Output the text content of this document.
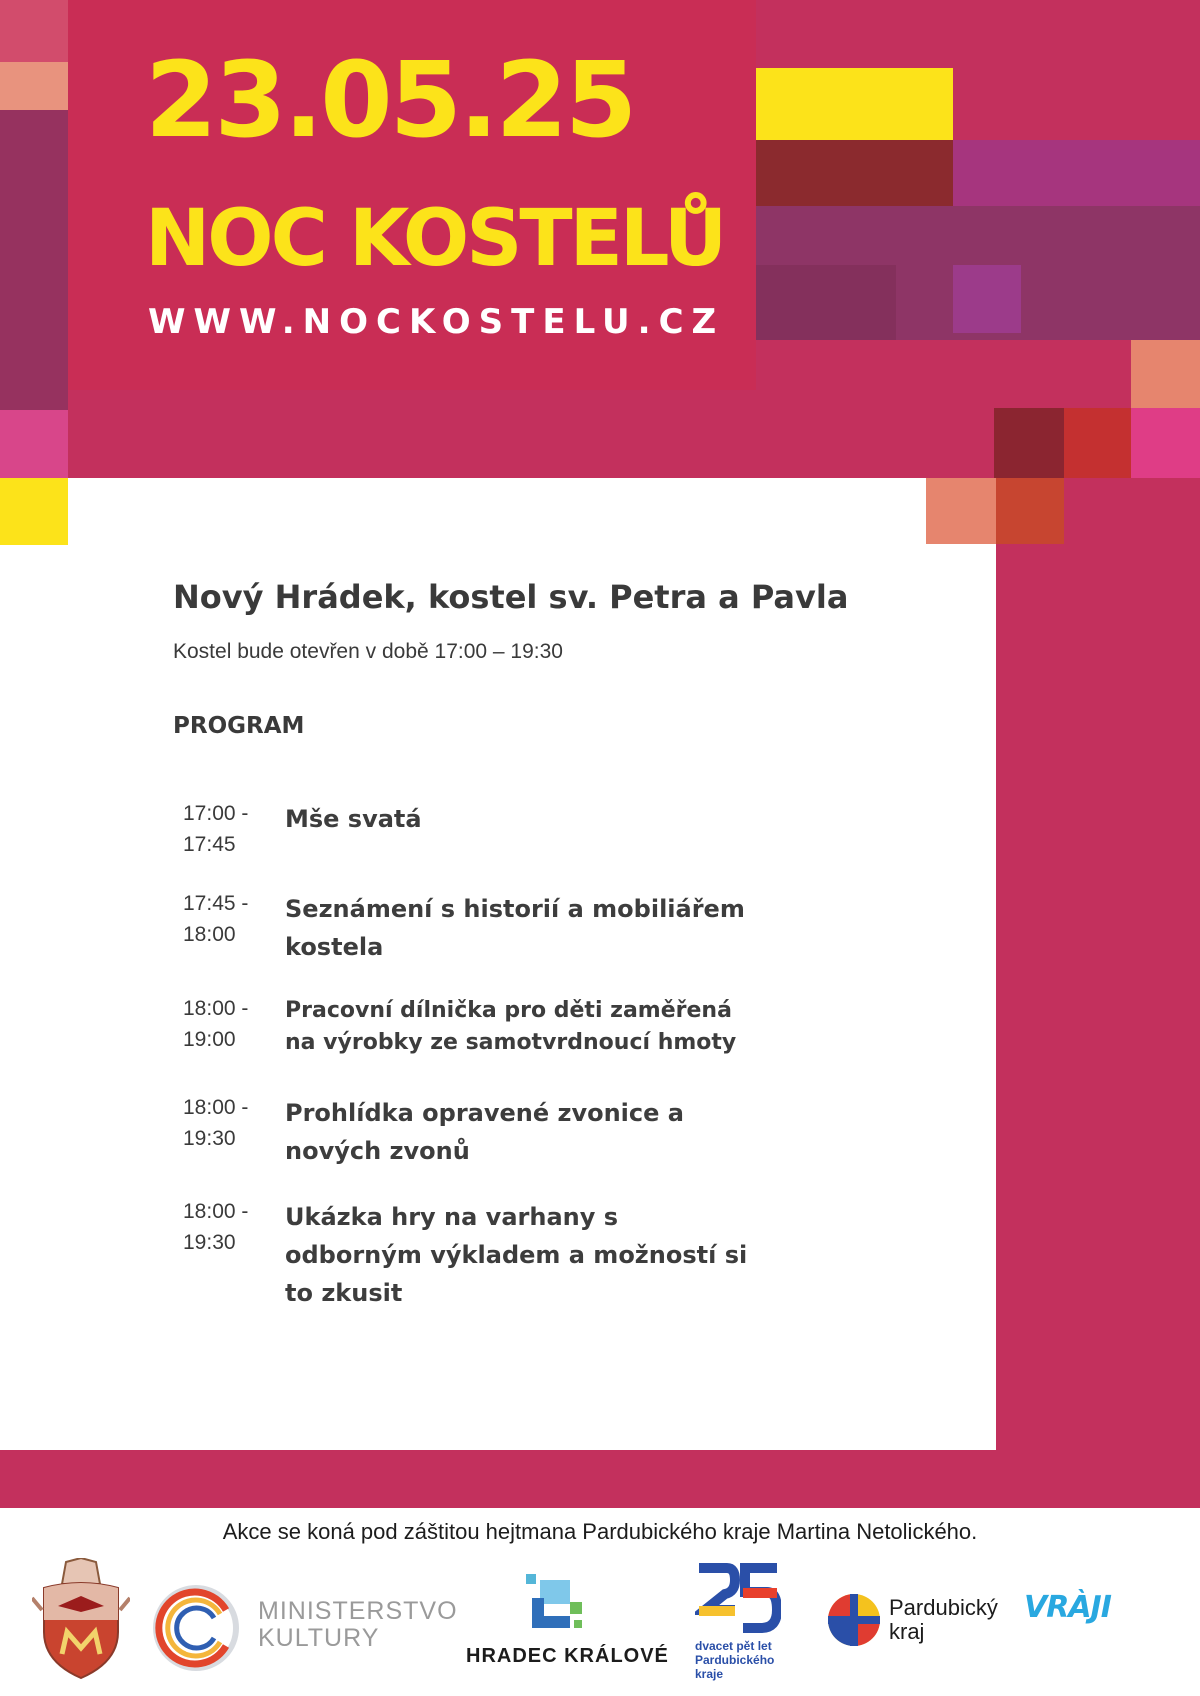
23.05.25
NOC KOSTELŮ
WWW.NOCKOSTELU.CZ
Nový Hrádek, kostel sv. Petra a Pavla
Kostel bude otevřen v době 17:00 – 19:30
PROGRAM
17:00 -
17:45
Mše svatá
17:45 -
18:00
Seznámení s historií a mobiliářem kostela
18:00 -
19:00
Pracovní dílnička pro děti zaměřená na výrobky ze samotvrdnoucí hmoty
18:00 -
19:30
Prohlídka opravené zvonice a nových zvonů
18:00 -
19:30
Ukázka hry na varhany s odborným výkladem a možností si to zkusit
Akce se koná pod záštitou hejtmana Pardubického kraje Martina Netolického.
MINISTERSTVO
KULTURY
HRADEC KRÁLOVÉ dvacet pět let
Pardubického
kraje
Pardubický
kraj
VRÀJI
